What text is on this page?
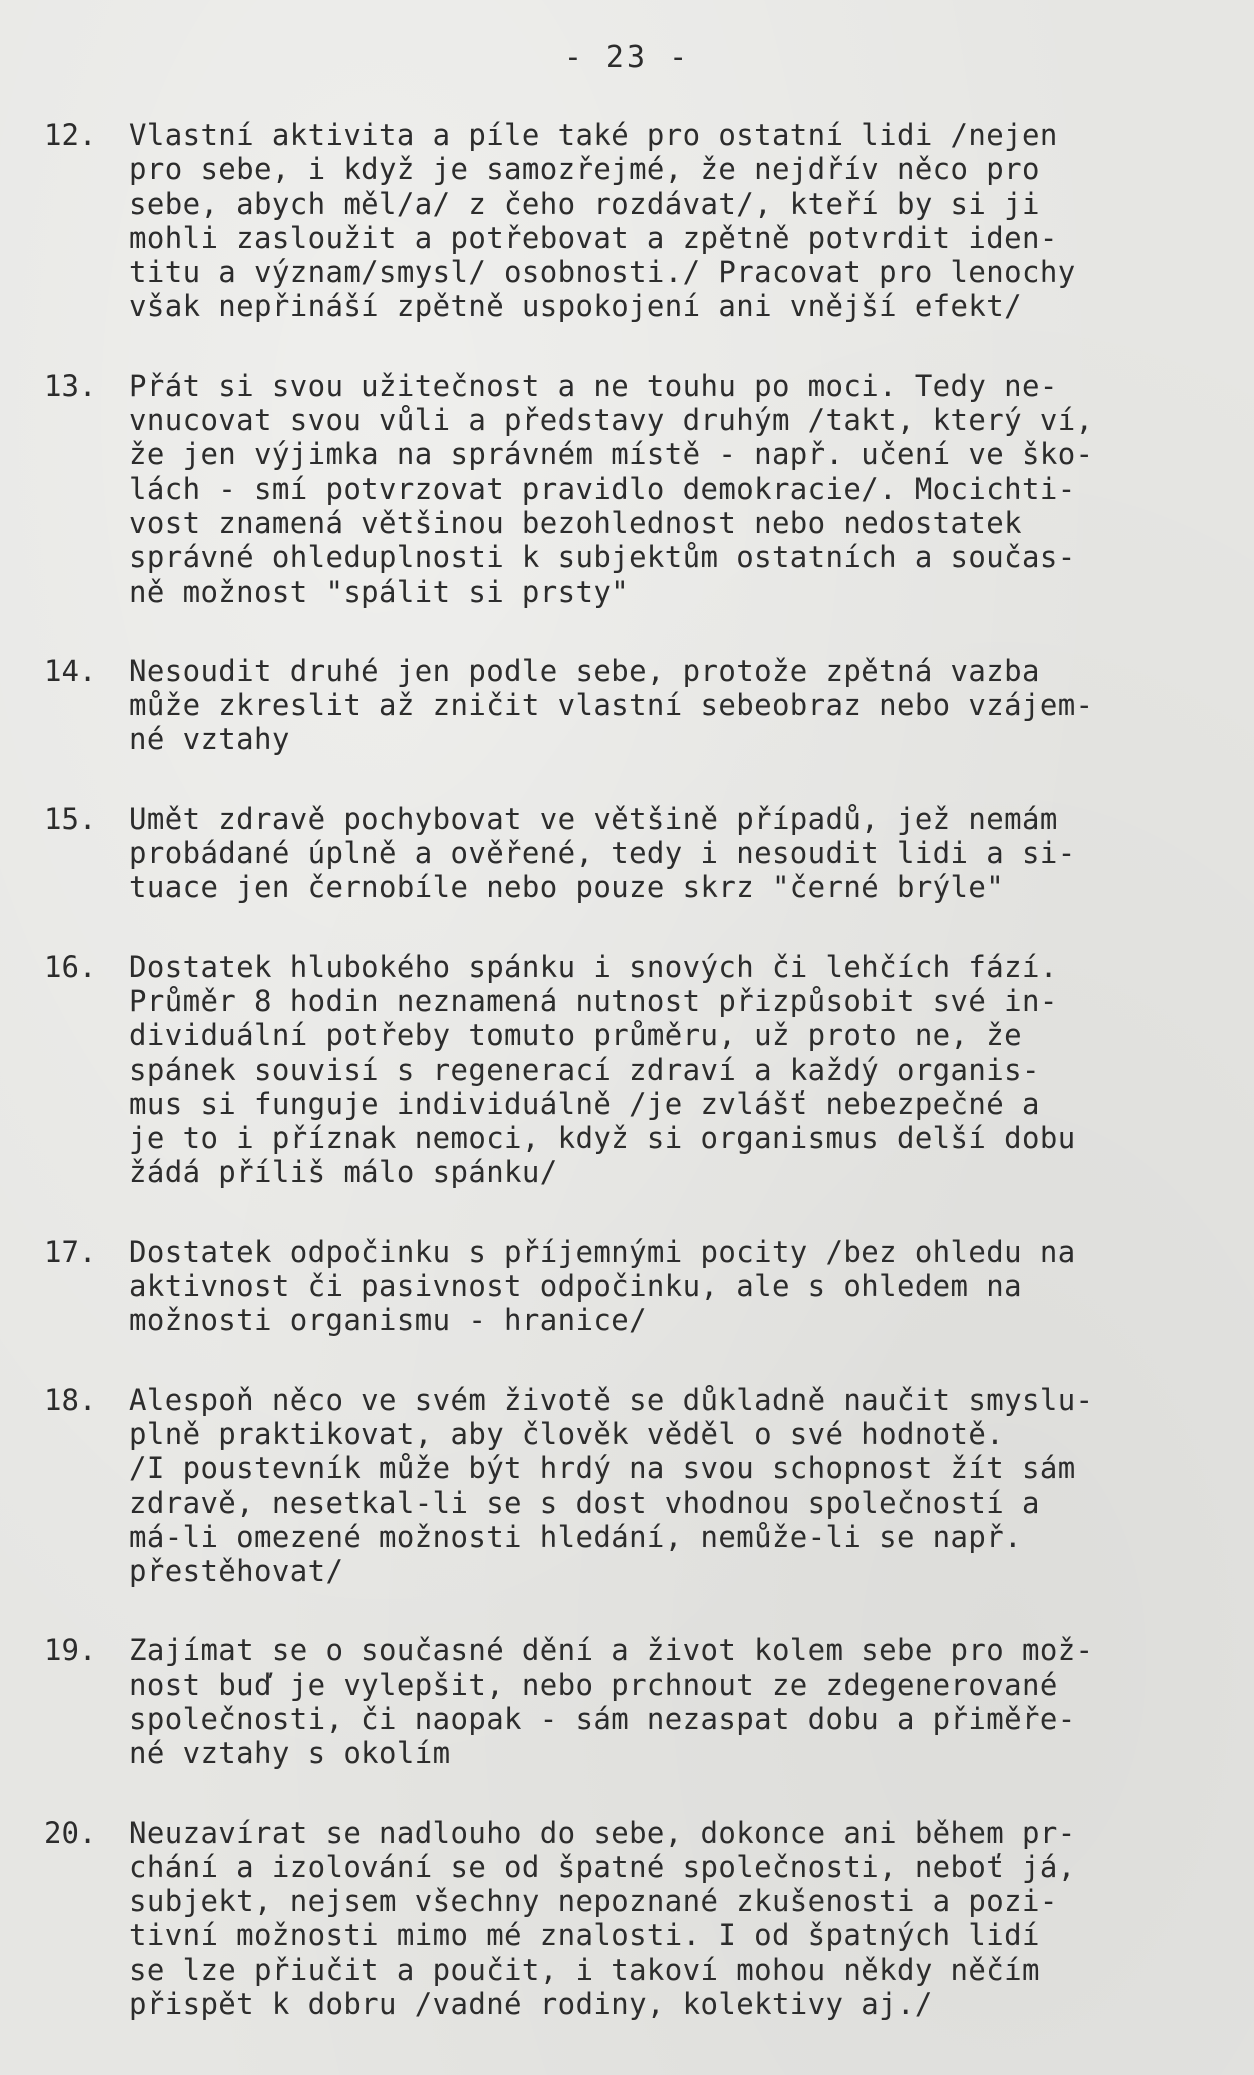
- 23 -
12.	Vlastní aktivita a píle také pro ostatní lidi /nejen
pro sebe, i když je samozřejmé, že nejdřív něco pro
sebe, abych měl/a/ z čeho rozdávat/, kteří by si ji
mohli zasloužit a potřebovat a zpětně potvrdit iden-
titu a význam/smysl/ osobnosti./ Pracovat pro lenochy
však nepřináší zpětně uspokojení ani vnější efekt/
13.	Přát si svou užitečnost a ne touhu po moci. Tedy ne-
vnucovat svou vůli a představy druhým /takt, který ví,
že jen výjimka na správném místě - např. učení ve ško-
lách - smí potvrzovat pravidlo demokracie/. Mocichti-
vost znamená většinou bezohlednost nebo nedostatek
správné ohleduplnosti k subjektům ostatních a součas-
ně možnost "spálit si prsty"
14.	Nesoudit druhé jen podle sebe, protože zpětná vazba
může zkreslit až zničit vlastní sebeobraz nebo vzájem-
né vztahy
15.	Umět zdravě pochybovat ve většině případů, jež nemám
probádané úplně a ověřené, tedy i nesoudit lidi a si-
tuace jen černobíle nebo pouze skrz "černé brýle"
16.	Dostatek hlubokého spánku i snových či lehčích fází.
Průměr 8 hodin neznamená nutnost přizpůsobit své in-
dividuální potřeby tomuto průměru, už proto ne, že
spánek souvisí s regenerací zdraví a každý organis-
mus si funguje individuálně /je zvlášť nebezpečné a
je to i příznak nemoci, když si organismus delší dobu
žádá příliš málo spánku/
17.	Dostatek odpočinku s příjemnými pocity /bez ohledu na
aktivnost či pasivnost odpočinku, ale s ohledem na
možnosti organismu - hranice/
18.	Alespoň něco ve svém životě se důkladně naučit smyslu-
plně praktikovat, aby člověk věděl o své hodnotě.
/I poustevník může být hrdý na svou schopnost žít sám
zdravě, nesetkal-li se s dost vhodnou společností a
má-li omezené možnosti hledání, nemůže-li se např.
přestěhovat/
19.	Zajímat se o současné dění a život kolem sebe pro mož-
nost buď je vylepšit, nebo prchnout ze zdegenerované
společnosti, či naopak - sám nezaspat dobu a přiměře-
né vztahy s okolím
20.	Neuzavírat se nadlouho do sebe, dokonce ani během pr-
chání a izolování se od špatné společnosti, neboť já,
subjekt, nejsem všechny nepoznané zkušenosti a pozi-
tivní možnosti mimo mé znalosti. I od špatných lidí
se lze přiučit a poučit, i takoví mohou někdy něčím
přispět k dobru /vadné rodiny, kolektivy aj./
